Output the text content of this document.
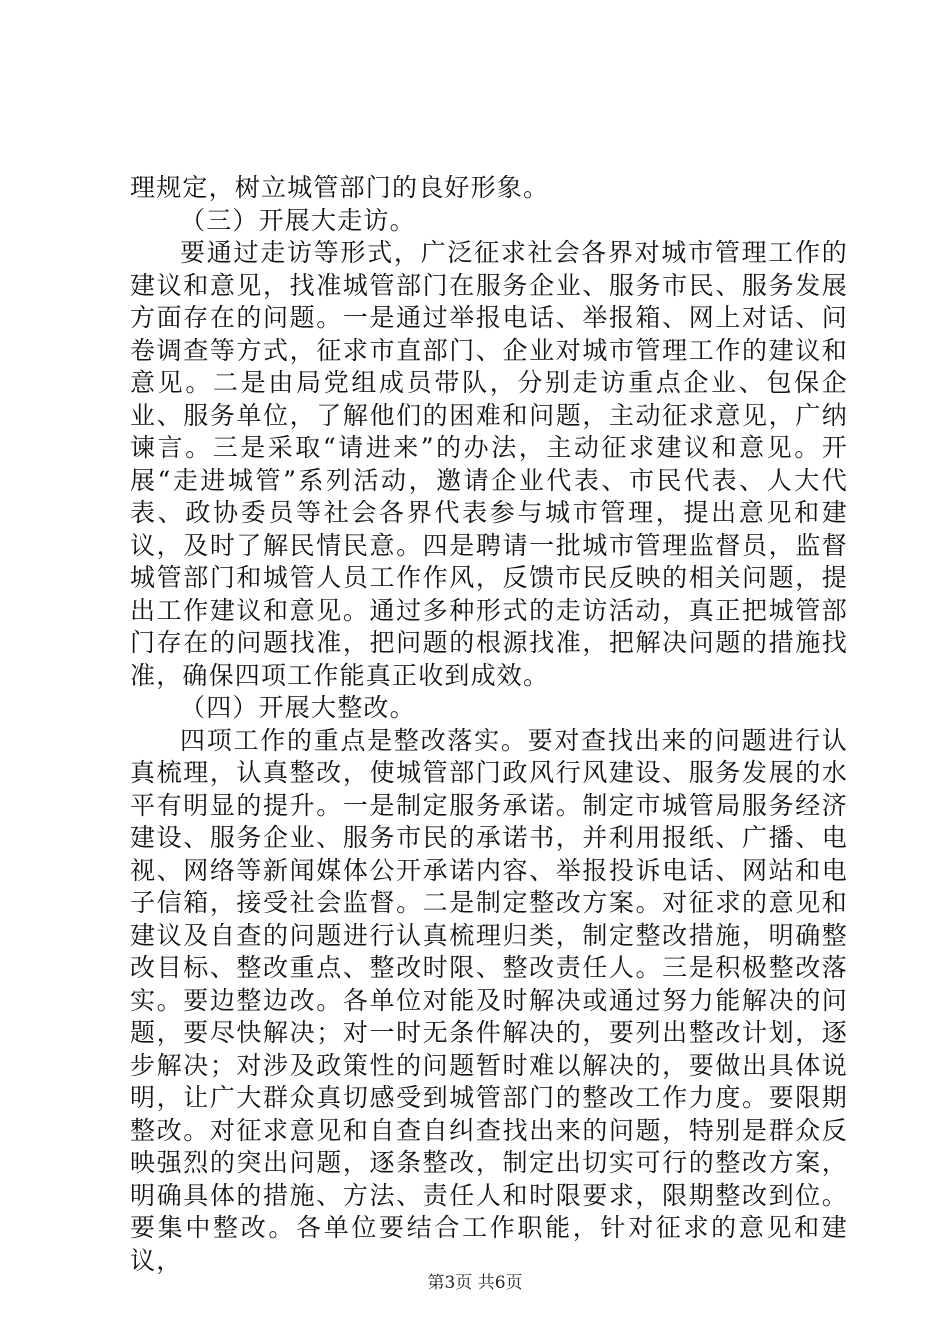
理规定，树立城管部门的良好形象。

（三）开展大走访。

要通过走访等形式，广泛征求社会各界对城市管理工作的建议和意见，找准城管部门在服务企业、服务市民、服务发展方面存在的问题。一是通过举报电话、举报箱、网上对话、问卷调查等方式，征求市直部门、企业对城市管理工作的建议和意见。二是由局党组成员带队，分别走访重点企业、包保企业、服务单位，了解他们的困难和问题，主动征求意见，广纳谏言。三是采取“请进来”的办法，主动征求建议和意见。开展“走进城管”系列活动，邀请企业代表、市民代表、人大代表、政协委员等社会各界代表参与城市管理，提出意见和建议，及时了解民情民意。四是聘请一批城市管理监督员，监督城管部门和城管人员工作作风，反馈市民反映的相关问题，提出工作建议和意见。通过多种形式的走访活动，真正把城管部门存在的问题找准，把问题的根源找准，把解决问题的措施找准，确保四项工作能真正收到成效。

（四）开展大整改。

四项工作的重点是整改落实。要对查找出来的问题进行认真梳理，认真整改，使城管部门政风行风建设、服务发展的水平有明显的提升。一是制定服务承诺。制定市城管局服务经济建设、服务企业、服务市民的承诺书，并利用报纸、广播、电视、网络等新闻媒体公开承诺内容、举报投诉电话、网站和电子信箱，接受社会监督。二是制定整改方案。对征求的意见和建议及自查的问题进行认真梳理归类，制定整改措施，明确整改目标、整改重点、整改时限、整改责任人。三是积极整改落实。要边整边改。各单位对能及时解决或通过努力能解决的问题，要尽快解决；对一时无条件解决的，要列出整改计划，逐步解决；对涉及政策性的问题暂时难以解决的，要做出具体说明，让广大群众真切感受到城管部门的整改工作力度。要限期整改。对征求意见和自查自纠查找出来的问题，特别是群众反映强烈的突出问题，逐条整改，制定出切实可行的整改方案，明确具体的措施、方法、责任人和时限要求，限期整改到位。要集中整改。各单位要结合工作职能，针对征求的意见和建议，

第3页 共6页
